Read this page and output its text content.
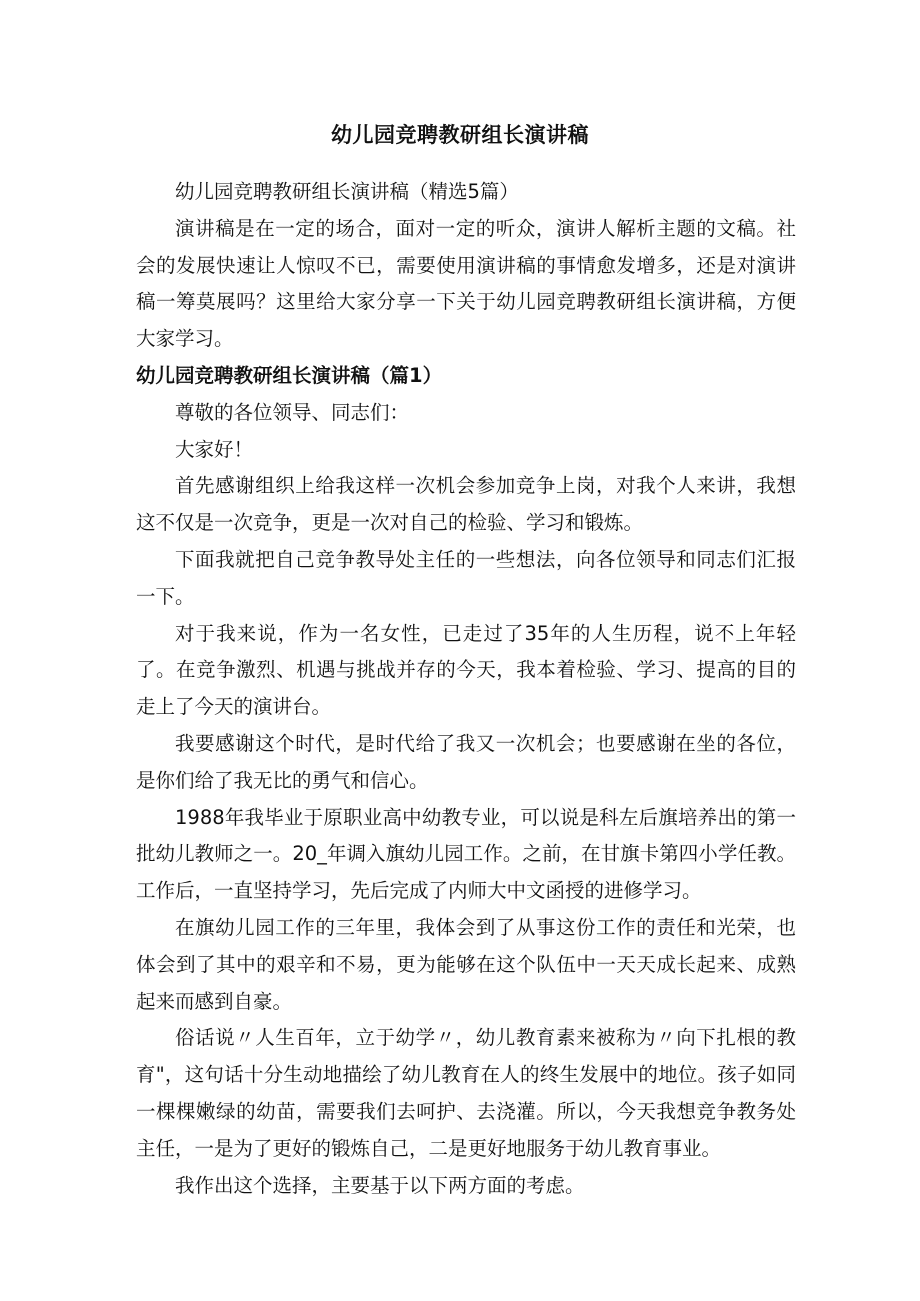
幼儿园竞聘教研组长演讲稿

幼儿园竞聘教研组长演讲稿（精选5篇）

演讲稿是在一定的场合，面对一定的听众，演讲人解析主题的文稿。社会的发展快速让人惊叹不已，需要使用演讲稿的事情愈发增多，还是对演讲稿一筹莫展吗？这里给大家分享一下关于幼儿园竞聘教研组长演讲稿，方便大家学习。

幼儿园竞聘教研组长演讲稿（篇1）

尊敬的各位领导、同志们：

大家好！

首先感谢组织上给我这样一次机会参加竞争上岗，对我个人来讲，我想这不仅是一次竞争，更是一次对自己的检验、学习和锻炼。

下面我就把自己竞争教导处主任的一些想法，向各位领导和同志们汇报一下。

对于我来说，作为一名女性，已走过了35年的人生历程，说不上年轻了。在竞争激烈、机遇与挑战并存的今天，我本着检验、学习、提高的目的走上了今天的演讲台。

我要感谢这个时代，是时代给了我又一次机会；也要感谢在坐的各位，是你们给了我无比的勇气和信心。

1988年我毕业于原职业高中幼教专业，可以说是科左后旗培养出的第一批幼儿教师之一。20_年调入旗幼儿园工作。之前，在甘旗卡第四小学任教。工作后，一直坚持学习，先后完成了内师大中文函授的进修学习。

在旗幼儿园工作的三年里，我体会到了从事这份工作的责任和光荣，也体会到了其中的艰辛和不易，更为能够在这个队伍中一天天成长起来、成熟起来而感到自豪。

俗话说〃人生百年，立于幼学〃，幼儿教育素来被称为〃向下扎根的教育"，这句话十分生动地描绘了幼儿教育在人的终生发展中的地位。孩子如同一棵棵嫩绿的幼苗，需要我们去呵护、去浇灌。所以，今天我想竞争教务处主任，一是为了更好的锻炼自己，二是更好地服务于幼儿教育事业。

我作出这个选择，主要基于以下两方面的考虑。
